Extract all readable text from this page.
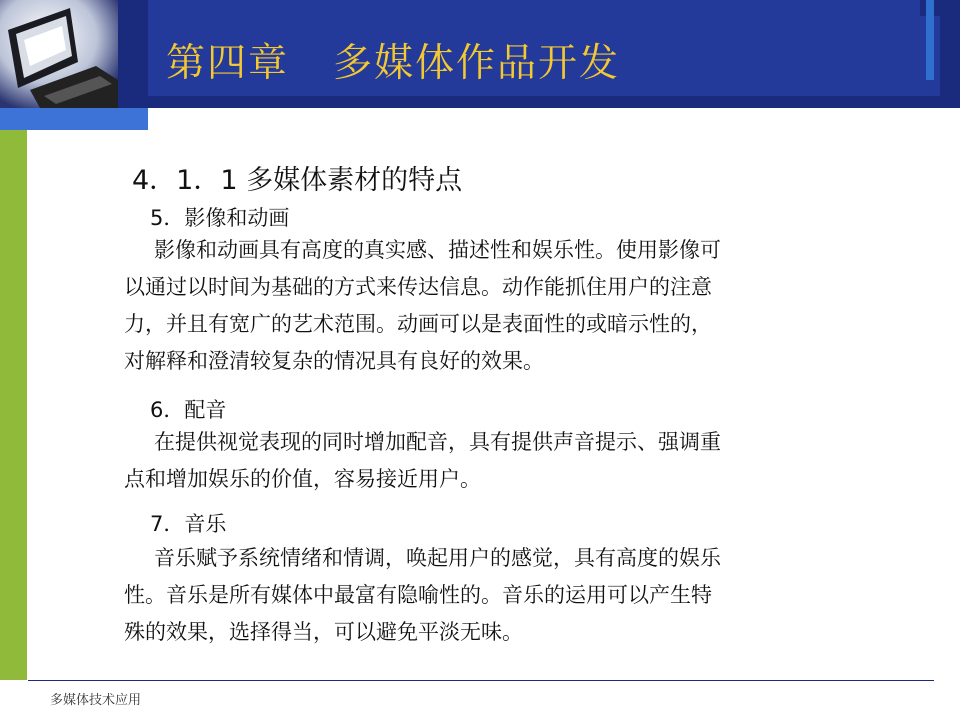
第四章 多媒体作品开发
4．1．1 多媒体素材的特点
5．影像和动画
影像和动画具有高度的真实感、描述性和娱乐性。使用影像可
以通过以时间为基础的方式来传达信息。动作能抓住用户的注意
力，并且有宽广的艺术范围。动画可以是表面性的或暗示性的，
对解释和澄清较复杂的情况具有良好的效果。
6．配音
在提供视觉表现的同时增加配音，具有提供声音提示、强调重
点和增加娱乐的价值，容易接近用户。
7．音乐
音乐赋予系统情绪和情调，唤起用户的感觉，具有高度的娱乐
性。音乐是所有媒体中最富有隐喻性的。音乐的运用可以产生特
殊的效果，选择得当，可以避免平淡无味。
多媒体技术应用
